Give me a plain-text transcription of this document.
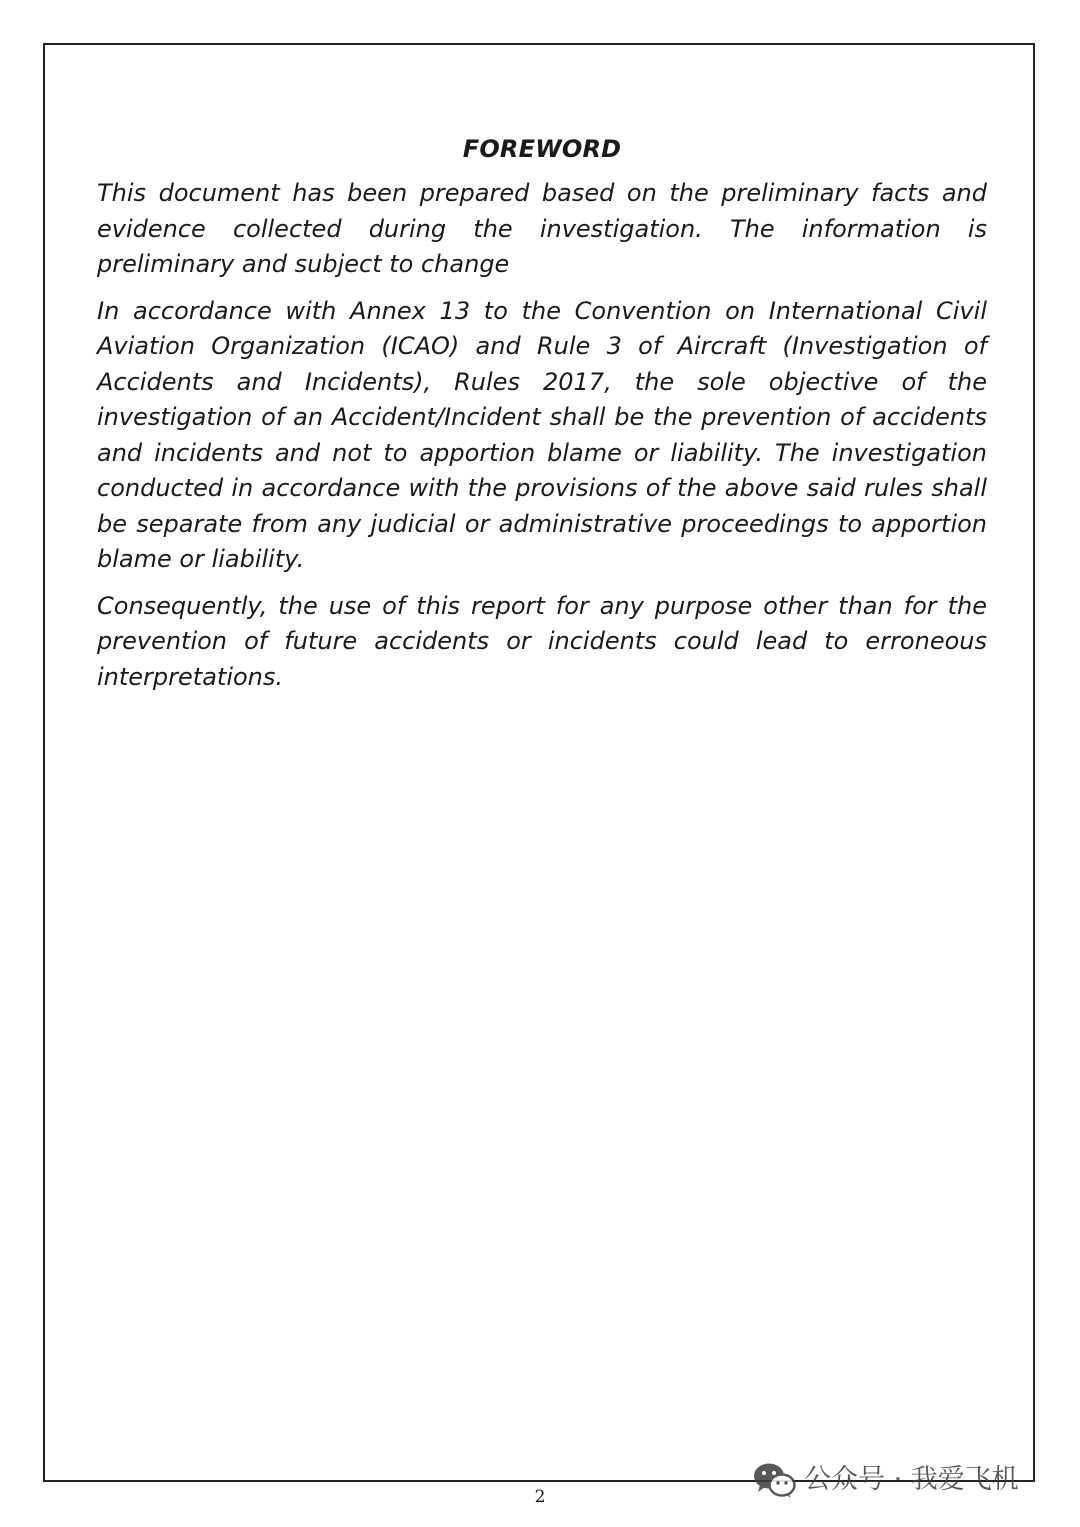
FOREWORD

This document has been prepared based on the preliminary facts and evidence collected during the investigation. The information is preliminary and subject to change

In accordance with Annex 13 to the Convention on International Civil Aviation Organization (ICAO) and Rule 3 of Aircraft (Investigation of Accidents and Incidents), Rules 2017, the sole objective of the investigation of an Accident/Incident shall be the prevention of accidents and incidents and not to apportion blame or liability. The investigation conducted in accordance with the provisions of the above said rules shall be separate from any judicial or administrative proceedings to apportion blame or liability.

Consequently, the use of this report for any purpose other than for the prevention of future accidents or incidents could lead to erroneous interpretations.

2
公众号 · 我爱飞机
